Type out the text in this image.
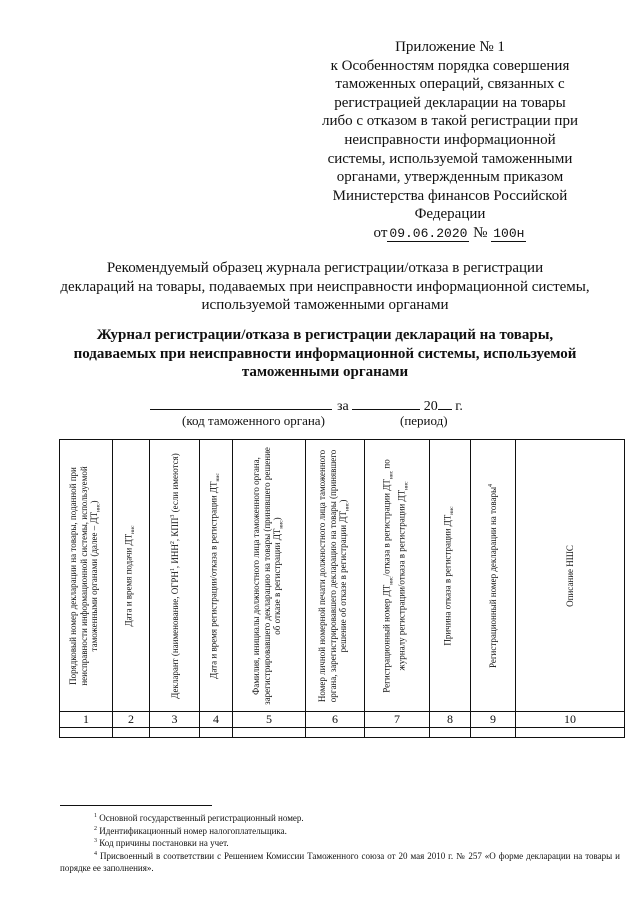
Приложение № 1
к Особенностям порядка совершения
таможенных операций, связанных с
регистрацией декларации на товары
либо с отказом в такой регистрации при
неисправности информационной
системы, используемой таможенными
органами, утвержденным приказом
Министерства финансов Российской
Федерации
от 09.06.2020 № 100н
Рекомендуемый образец журнала регистрации/отказа в регистрации
деклараций на товары, подаваемых при неисправности информационной системы,
используемой таможенными органами
Журнал регистрации/отказа в регистрации деклараций на товары,
подаваемых при неисправности информационной системы, используемой
таможенными органами
за	20 г.
(код таможенного органа)	(период)
Порядковый номер декларации на товары, поданной при неисправности информационной системы, используемой таможенными органами (далее – $ДТ_{нис}$)	Дата и время подачи $ДТ_{нис}$	Декларант (наименование, ОГРН$^1$, ИНН$^2$, КПП$^3$ (если имеются)	Дата и время регистрации/отказа в регистрации $ДТ_{нис}$	Фамилия, инициалы должностного лица таможенного органа, зарегистрировавшего декларацию на товары (принявшего решение об отказе в регистрации $ДТ_{нис}$)	Номер личной номерной печати должностного лица таможенного органа, зарегистрировавшего декларацию на товары (принявшего решение об отказе в регистрации $ДТ_{нис}$)	Регистрационный номер $ДТ_{нис}$/отказа в регистрации $ДТ_{нис}$ по журналу регистрации/отказа в регистрации $ДТ_{нис}$	Причина отказа в регистрации $ДТ_{нис}$	Регистрационный номер декларации на товары$^4$	Описание НШС

1	2	3	4	5	6	7	8	9	10

$^1$ Основной государственный регистрационный номер.
$^2$ Идентификационный номер налогоплательщика.
$^3$ Код причины постановки на учет.
$^4$ Присвоенный в соответствии с Решением Комиссии Таможенного союза от 20 мая 2010 г. № 257 «О форме декларации на товары и порядке ее заполнения».
